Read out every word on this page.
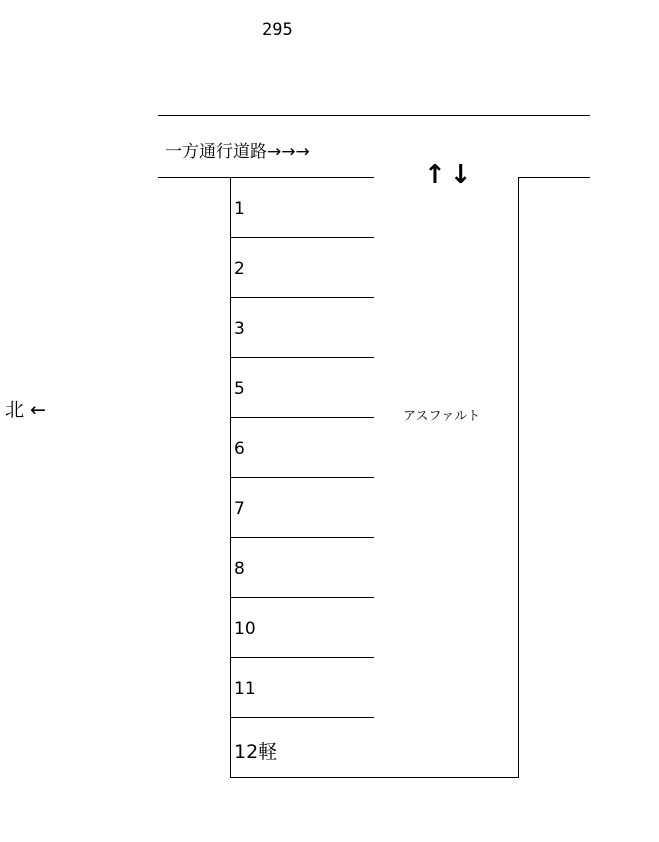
295
一方通行道路→→→
↑↓
1
2
3
5
6
7
8
10
11
12軽
北 ←	アスファルト
